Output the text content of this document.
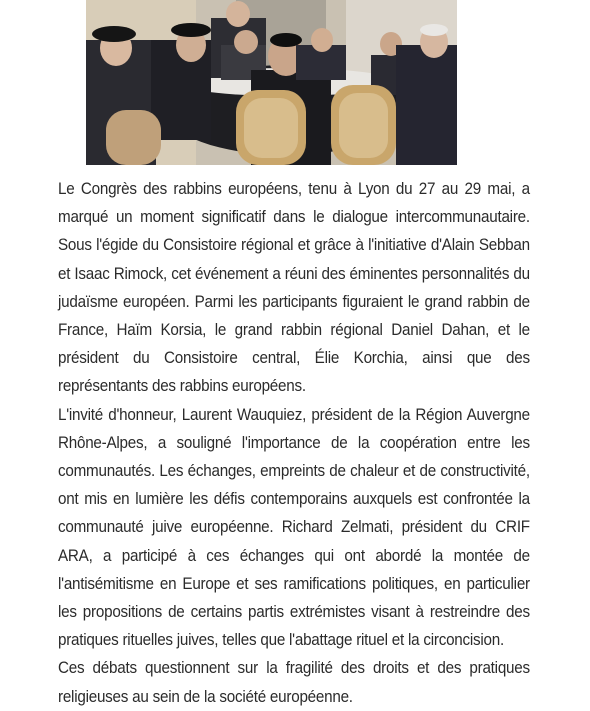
Le Congrès des rabbins européens, tenu à Lyon du 27 au 29 mai, a marqué un moment significatif dans le dialogue intercommunautaire. Sous l'égide du Consistoire régional et grâce à l'initiative d'Alain Sebban et Isaac Rimock, cet événement a réuni des éminentes personnalités du judaïsme européen. Parmi les participants figuraient le grand rabbin de France, Haïm Korsia, le grand rabbin régional Daniel Dahan, et le président du Consistoire central, Élie Korchia, ainsi que des représentants des rabbins européens.

L'invité d'honneur, Laurent Wauquiez, président de la Région Auvergne Rhône-Alpes, a souligné l'importance de la coopération entre les communautés. Les échanges, empreints de chaleur et de constructivité, ont mis en lumière les défis contemporains auxquels est confrontée la communauté juive européenne. Richard Zelmati, président du CRIF ARA, a participé à ces échanges qui ont abordé la montée de l'antisémitisme en Europe et ses ramifications politiques, en particulier les propositions de certains partis extrémistes visant à restreindre des pratiques rituelles juives, telles que l'abattage rituel et la circoncision.

Ces débats questionnent sur la fragilité des droits et des pratiques religieuses au sein de la société européenne.
